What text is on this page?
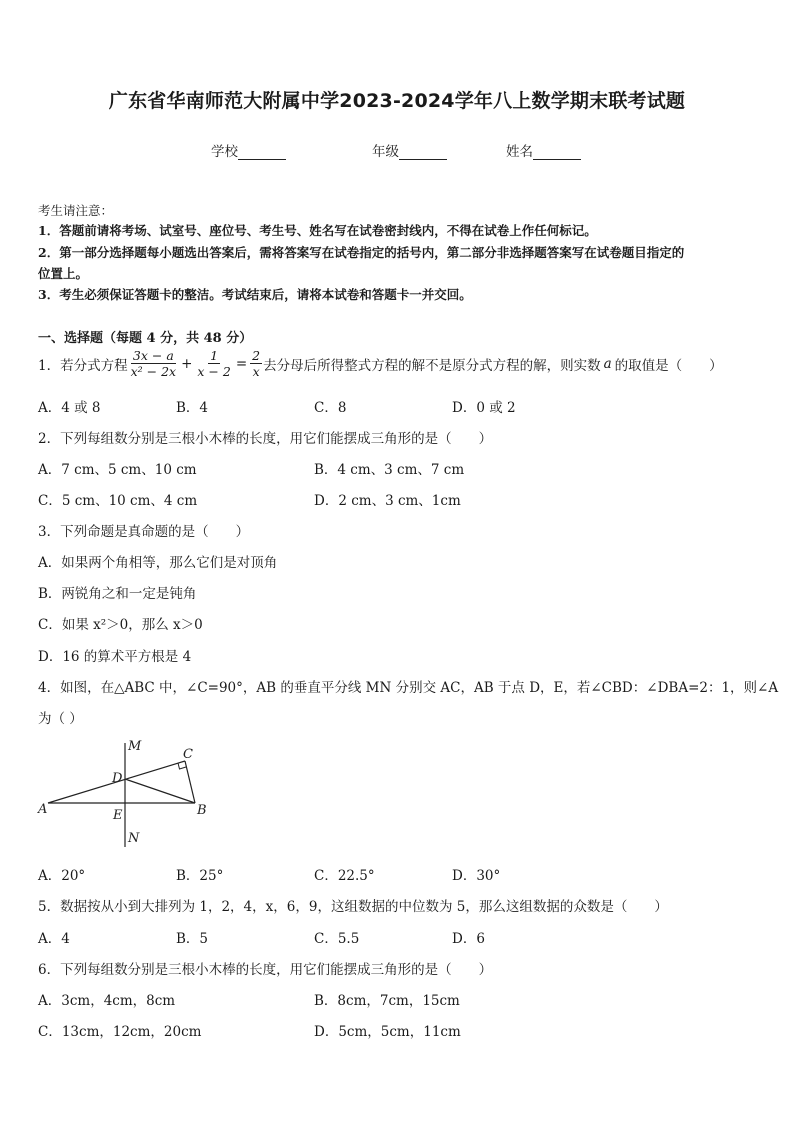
广东省华南师范大附属中学2023-2024学年八上数学期末联考试题
学校	年级	姓名
考生请注意：
1．答题前请将考场、试室号、座位号、考生号、姓名写在试卷密封线内，不得在试卷上作任何标记。
2．第一部分选择题每小题选出答案后，需将答案写在试卷指定的括号内，第二部分非选择题答案写在试卷题目指定的
位置上。
3．考生必须保证答题卡的整洁。考试结束后，请将本试卷和答题卡一并交回。
一、选择题（每题 4 分，共 48 分）
1．若分式方程 $\frac{3x - a}{\text{x² − 2x}} + \frac{1}{x - 2} = \frac{2}{x}$ 去分母后所得整式方程的解不是原分式方程的解，则实数 a 的取值是（　　）
A．4 或 8	B．4	C．8	D．0 或 2
2．下列每组数分别是三根小木棒的长度，用它们能摆成三角形的是（　　）
A．7 cm、5 cm、10 cm	B．4 cm、3 cm、7 cm
C．5 cm、10 cm、4 cm	D．2 cm、3 cm、1cm
3．下列命题是真命题的是（　　）
A．如果两个角相等，那么它们是对顶角
B．两锐角之和一定是钝角
C．如果 x²＞0，那么 x＞0
D．16 的算术平方根是 4
4．如图，在△ABC 中，∠C=90°，AB 的垂直平分线 MN 分别交 AC，AB 于点 D，E，若∠CBD：∠DBA=2：1，则∠A
为（ ）
M
C
D
A	E	B
N
A．20°	B．25°	C．22.5°	D．30°
5．数据按从小到大排列为 1，2，4，x，6，9，这组数据的中位数为 5，那么这组数据的众数是（　　）
A．4	B．5	C．5.5	D．6
6．下列每组数分别是三根小木棒的长度，用它们能摆成三角形的是（　　）
A．3cm，4cm，8cm	B．8cm，7cm，15cm
C．13cm，12cm，20cm	D．5cm，5cm，11cm
